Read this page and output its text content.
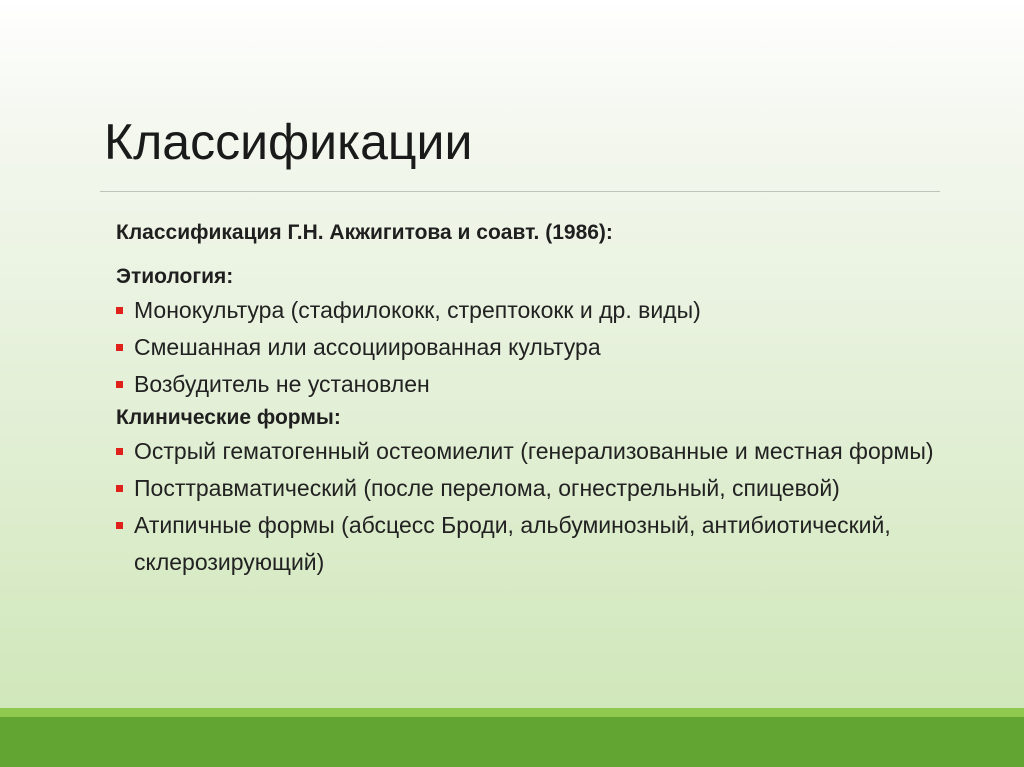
Классификации
Классификация Г.Н. Акжигитова и соавт. (1986):
Этиология:
Монокультура (стафилококк, стрептококк и др. виды)
Смешанная или ассоциированная культура
Возбудитель не установлен
Клинические формы:
Острый гематогенный остеомиелит (генерализованные и местная формы)
Посттравматический (после перелома, огнестрельный, спицевой)
Атипичные формы (абсцесс Броди, альбуминозный, антибиотический, склерозирующий)
